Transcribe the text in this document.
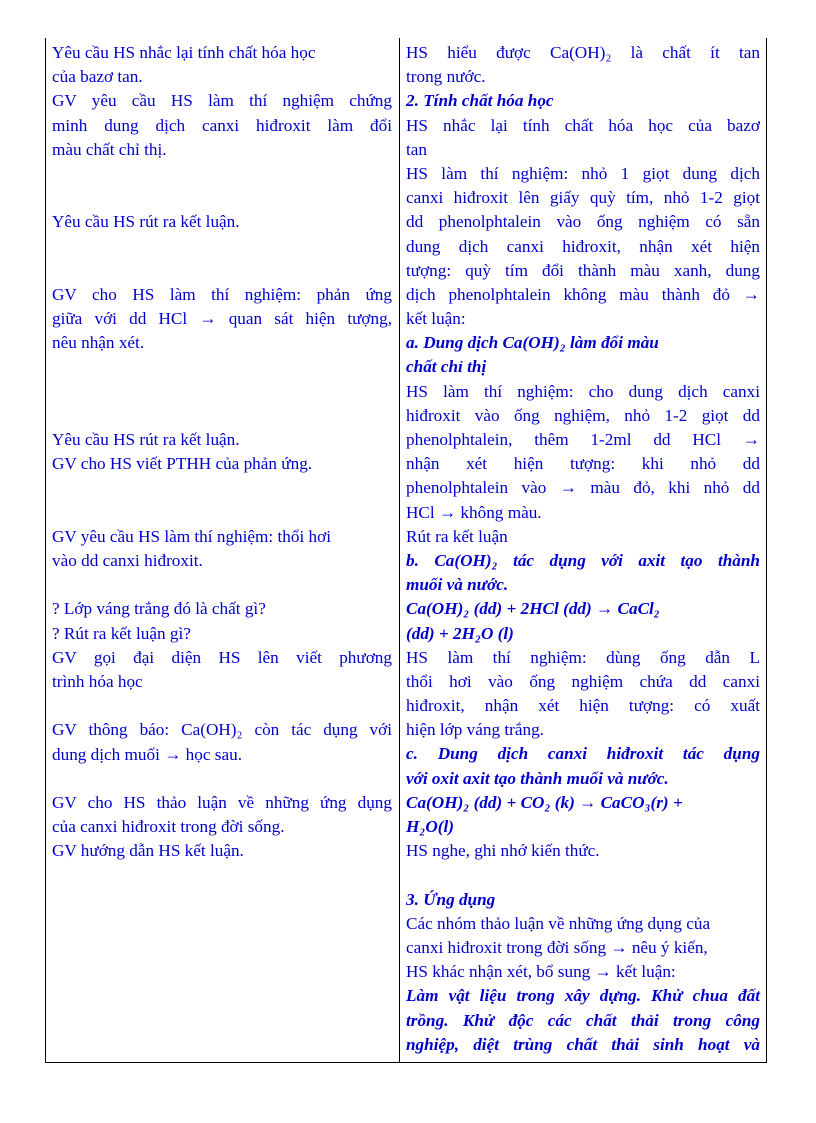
Yêu cầu HS nhắc lại tính chất hóa học
của bazơ tan.
GV yêu cầu HS làm thí nghiệm chứng
minh dung dịch canxi hiđroxit làm đổi
màu chất chỉ thị.
Yêu cầu HS rút ra kết luận.
GV cho HS làm thí nghiệm: phản ứng
giữa với dd HCl → quan sát hiện tượng,
nêu nhận xét.
Yêu cầu HS rút ra kết luận.
GV cho HS viết PTHH của phản ứng.
GV yêu cầu HS làm thí nghiệm: thổi hơi
vào dd canxi hiđroxit.
? Lớp váng trắng đó là chất gì?
? Rút ra kết luận gì?
GV gọi đại diện HS lên viết phương
trình hóa học
GV thông báo: Ca(OH)₂ còn tác dụng với
dung dịch muối → học sau.
GV cho HS thảo luận về những ứng dụng
của canxi hiđroxit trong đời sống.
GV hướng dẫn HS kết luận.
HS hiểu được Ca(OH)₂ là chất ít tan
trong nước.
2. Tính chất hóa học
HS nhắc lại tính chất hóa học của bazơ
tan
HS làm thí nghiệm: nhỏ 1 giọt dung dịch
canxi hiđroxit lên giấy quỳ tím, nhỏ 1-2 giọt
dd phenolphtalein vào ống nghiệm có sẵn
dung dịch canxi hiđroxit, nhận xét hiện
tượng: quỳ tím đổi thành màu xanh, dung
dịch phenolphtalein không màu thành đỏ →
kết luận:
a. Dung dịch Ca(OH)₂ làm đổi màu
chất chỉ thị
HS làm thí nghiệm: cho dung dịch canxi
hiđroxit vào ống nghiệm, nhỏ 1-2 giọt dd
phenolphtalein, thêm 1-2ml dd HCl →
nhận xét hiện tượng: khi nhỏ dd
phenolphtalein vào → màu đỏ, khi nhỏ dd
HCl → không màu.
Rút ra kết luận
b. Ca(OH)₂ tác dụng với axit tạo thành
muối và nước.
Ca(OH)₂ (dd) + 2HCl (dd) → CaCl₂
(dd) + 2H₂O (l)
HS làm thí nghiệm: dùng ống dẫn L
thổi hơi vào ống nghiệm chứa dd canxi
hiđroxit, nhận xét hiện tượng: có xuất
hiện lớp váng trắng.
c. Dung dịch canxi hiđroxit tác dụng
với oxit axit tạo thành muối và nước.
Ca(OH)₂ (dd) + CO₂ (k) → CaCO₃(r) +
H₂O(l)
HS nghe, ghi nhớ kiến thức.
3. Ứng dụng
Các nhóm thảo luận về những ứng dụng của
canxi hiđroxit trong đời sống → nêu ý kiến,
HS khác nhận xét, bổ sung → kết luận:
Làm vật liệu trong xây dựng. Khử chua đất
trồng. Khử độc các chất thải trong công
nghiệp, diệt trùng chất thải sinh hoạt và
